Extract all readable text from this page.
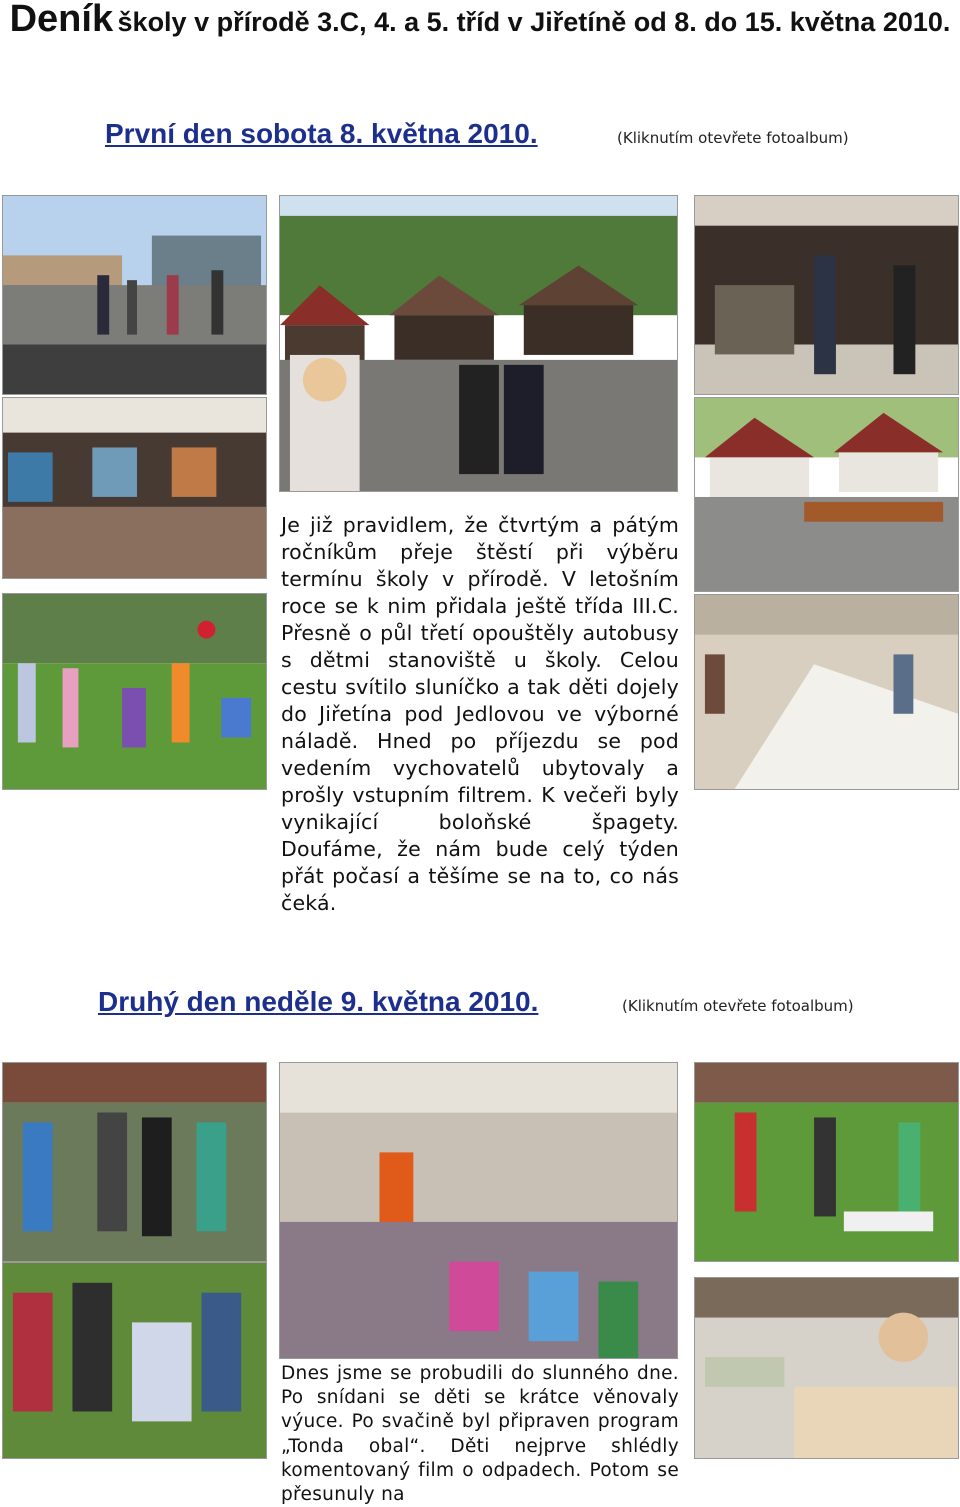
Deník školy v přírodě 3.C, 4. a 5. tříd v Jiřetíně od 8. do 15. května 2010.
První den sobota 8. května 2010.	(Kliknutím otevřete fotoalbum)
Je již pravidlem, že čtvrtým a pátým ročníkům přeje štěstí při výběru termínu školy v přírodě. V letošním roce se k nim přidala ještě třída III.C. Přesně o půl třetí opouštěly autobusy s dětmi stanoviště u školy. Celou cestu svítilo sluníčko a tak děti dojely do Jiřetína pod Jedlovou ve výborné náladě. Hned po příjezdu se pod vedením vychovatelů ubytovaly a prošly vstupním filtrem. K večeři byly vynikající boloňské špagety. Doufáme, že nám bude celý týden přát počasí a těšíme se na to, co nás čeká.
Druhý den neděle 9. května 2010.	(Kliknutím otevřete fotoalbum)
Dnes jsme se probudili do slunného dne. Po snídani se děti se krátce věnovaly výuce. Po svačině byl připraven program „Tonda obal“. Děti nejprve shlédly komentovaný film o odpadech. Potom se přesunuly na
